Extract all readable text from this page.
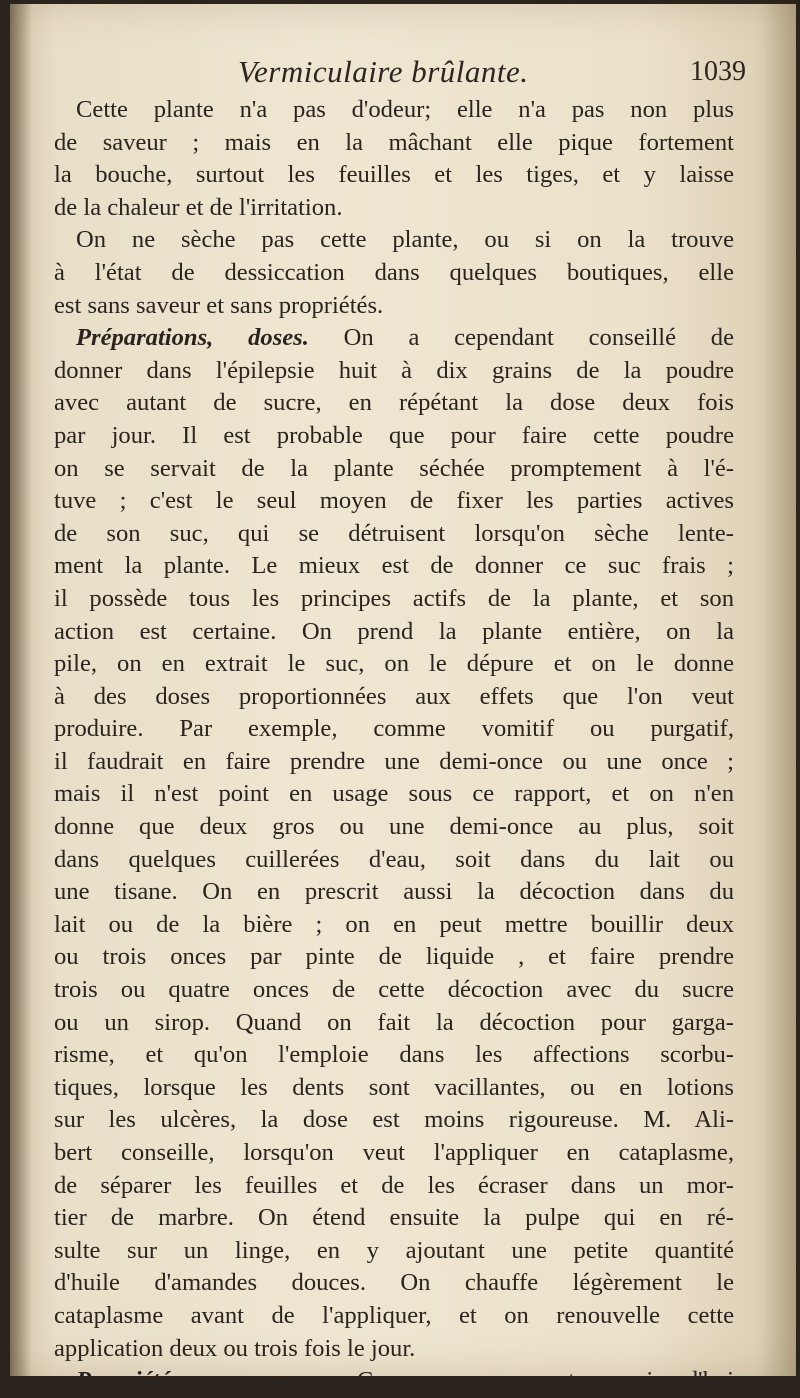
Vermiculaire brûlante.	1039
Cette plante n'a pas d'odeur; elle n'a pas non plus
de saveur ; mais en la mâchant elle pique fortement
la bouche, surtout les feuilles et les tiges, et y laisse
de la chaleur et de l'irritation.
On ne sèche pas cette plante, ou si on la trouve
à l'état de dessiccation dans quelques boutiques, elle
est sans saveur et sans propriétés.
Préparations, doses. On a cependant conseillé de
donner dans l'épilepsie huit à dix grains de la poudre
avec autant de sucre, en répétant la dose deux fois
par jour. Il est probable que pour faire cette poudre
on se servait de la plante séchée promptement à l'é-
tuve ; c'est le seul moyen de fixer les parties actives
de son suc, qui se détruisent lorsqu'on sèche lente-
ment la plante. Le mieux est de donner ce suc frais ;
il possède tous les principes actifs de la plante, et son
action est certaine. On prend la plante entière, on la
pile, on en extrait le suc, on le dépure et on le donne
à des doses proportionnées aux effets que l'on veut
produire. Par exemple, comme vomitif ou purgatif,
il faudrait en faire prendre une demi-once ou une once ;
mais il n'est point en usage sous ce rapport, et on n'en
donne que deux gros ou une demi-once au plus, soit
dans quelques cuillerées d'eau, soit dans du lait ou
une tisane. On en prescrit aussi la décoction dans du
lait ou de la bière ; on en peut mettre bouillir deux
ou trois onces par pinte de liquide , et faire prendre
trois ou quatre onces de cette décoction avec du sucre
ou un sirop. Quand on fait la décoction pour garga-
risme, et qu'on l'emploie dans les affections scorbu-
tiques, lorsque les dents sont vacillantes, ou en lotions
sur les ulcères, la dose est moins rigoureuse. M. Ali-
bert conseille, lorsqu'on veut l'appliquer en cataplasme,
de séparer les feuilles et de les écraser dans un mor-
tier de marbre. On étend ensuite la pulpe qui en ré-
sulte sur un linge, en y ajoutant une petite quantité
d'huile d'amandes douces. On chauffe légèrement le
cataplasme avant de l'appliquer, et on renouvelle cette
application deux ou trois fois le jour.
Propriétés, usages. Ce moyen est aujourd'hui
